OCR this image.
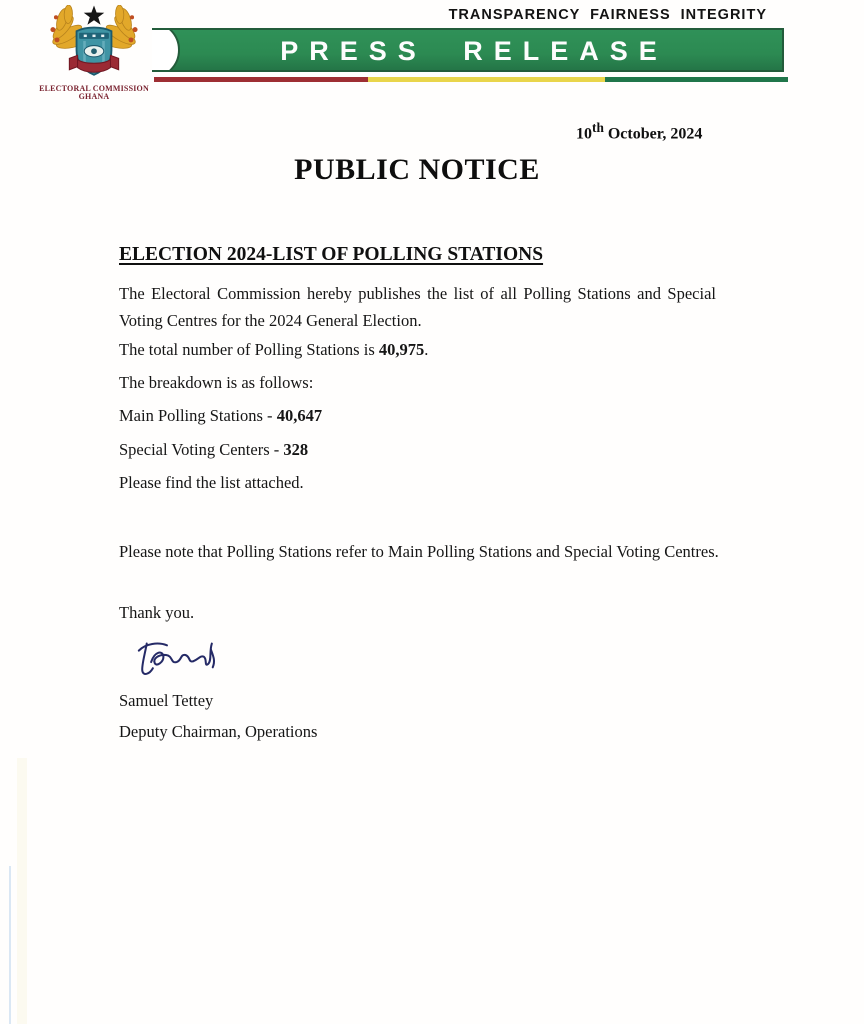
TRANSPARENCY FAIRNESS INTEGRITY
ELECTORAL COMMISSION
GHANA
PRESS RELEASE
10th October, 2024
PUBLIC NOTICE
ELECTION 2024-LIST OF POLLING STATIONS
The Electoral Commission hereby publishes the list of all Polling Stations and Special Voting Centres for the 2024 General Election.
The total number of Polling Stations is 40,975.
The breakdown is as follows:
Main Polling Stations - 40,647
Special Voting Centers - 328
Please find the list attached.
Please note that Polling Stations refer to Main Polling Stations and Special Voting Centres.
Thank you.
Samuel Tettey
Deputy Chairman, Operations
